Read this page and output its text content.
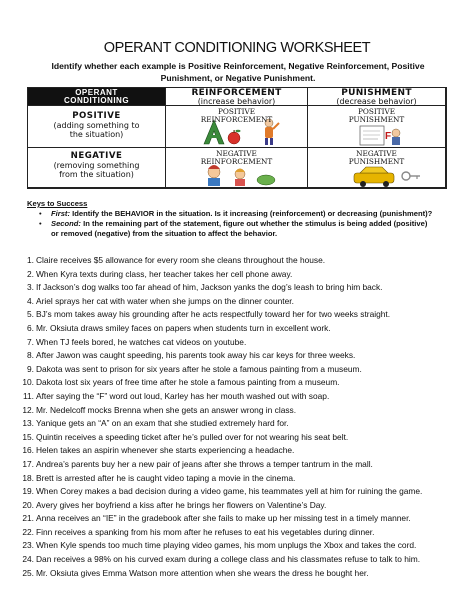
OPERANT CONDITIONING WORKSHEET
Identify whether each example is Positive Reinforcement, Negative Reinforcement, Positive Punishment, or Negative Punishment.
OPERANT
CONDITIONING
REINFORCEMENT
(increase behavior)
PUNISHMENT
(decrease behavior)
POSITIVE
(adding something to
the situation)
NEGATIVE
(removing something
from the situation)
POSITIVE
REINFORCEMENT
F
POSITIVE
PUNISHMENT
NEGATIVE
REINFORCEMENT
NEGATIVE
PUNISHMENT
Keys to Success
• First: Identify the BEHAVIOR in the situation. Is it increasing (reinforcement) or decreasing (punishment)?
• Second: In the remaining part of the statement, figure out whether the stimulus is being added (positive)
or removed (negative) from the situation to affect the behavior.
1. Claire receives $5 allowance for every room she cleans throughout the house.
2. When Kyra texts during class, her teacher takes her cell phone away.
3. If Jackson’s dog walks too far ahead of him, Jackson yanks the dog’s leash to bring him back.
4. Ariel sprays her cat with water when she jumps on the dinner counter.
5. BJ’s mom takes away his grounding after he acts respectfully toward her for two weeks straight.
6. Mr. Oksiuta draws smiley faces on papers when students turn in excellent work.
7. When TJ feels bored, he watches cat videos on youtube.
8. After Jawon was caught speeding, his parents took away his car keys for three weeks.
9. Dakota was sent to prison for six years after he stole a famous painting from a museum.
10. Dakota lost six years of free time after he stole a famous painting from a museum.
11. After saying the “F” word out loud, Karley has her mouth washed out with soap.
12. Mr. Nedelcoff mocks Brenna when she gets an answer wrong in class.
13. Yanique gets an “A” on an exam that she studied extremely hard for.
15. Quintin receives a speeding ticket after he’s pulled over for not wearing his seat belt.
16. Helen takes an aspirin whenever she starts experiencing a headache.
17. Andrea’s parents buy her a new pair of jeans after she throws a temper tantrum in the mall.
18. Brett is arrested after he is caught video taping a movie in the cinema.
19. When Corey makes a bad decision during a video game, his teammates yell at him for ruining the game.
20. Avery gives her boyfriend a kiss after he brings her flowers on Valentine’s Day.
21. Anna receives an “IE” in the gradebook after she fails to make up her missing test in a timely manner.
22. Finn receives a spanking from his mom after he refuses to eat his vegetables during dinner.
23. When Kyle spends too much time playing video games, his mom unplugs the Xbox and takes the cord.
24. Dan receives a 98% on his curved exam during a college class and his classmates refuse to talk to him.
25. Mr. Oksiuta gives Emma Watson more attention when she wears the dress he bought her.
